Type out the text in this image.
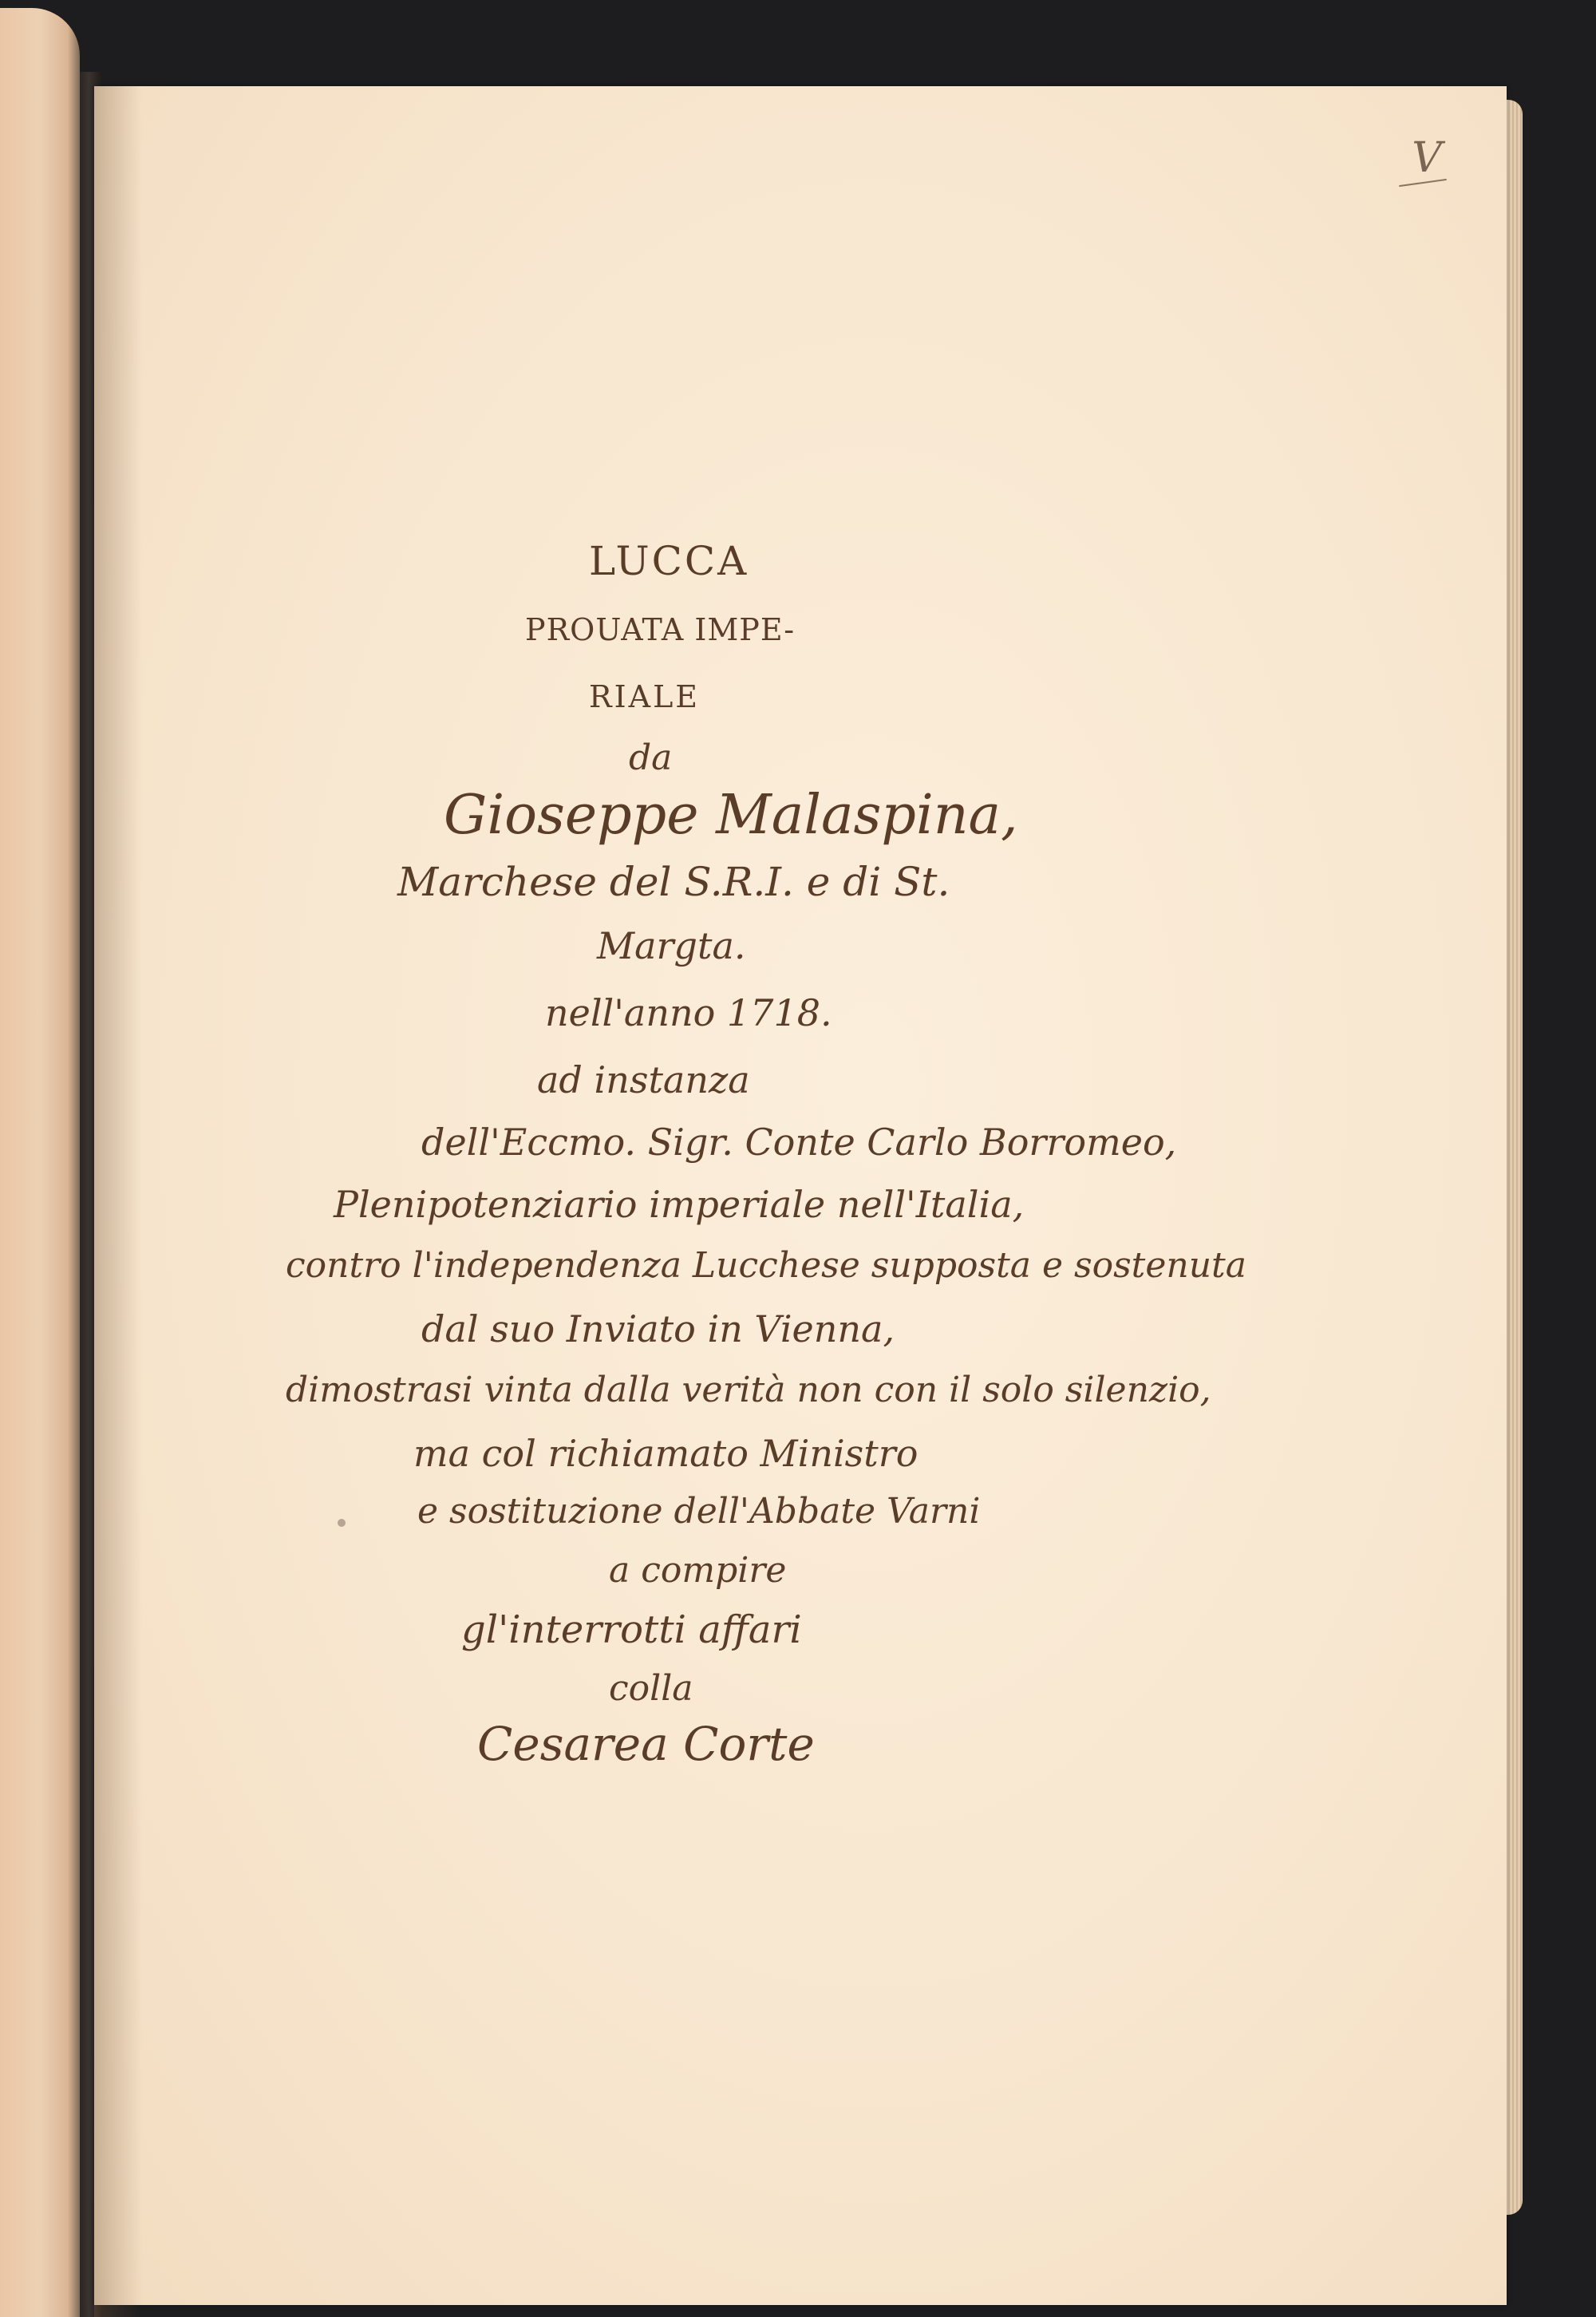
V
LUCCA
PROUATA IMPE-
RIALE
da
Gioseppe Malaspina,
Marchese del S.R.I. e di St.
Margta.
nell'anno 1718.
ad instanza
dell'Eccmo. Sigr. Conte Carlo Borromeo,
Plenipotenziario imperiale nell'Italia,
contro l'independenza Lucchese supposta e sostenuta
dal suo Inviato in Vienna,
dimostrasi vinta dalla verità non con il solo silenzio,
ma col richiamato Ministro
e sostituzione dell'Abbate Varni
a compire
gl'interrotti affari
colla
Cesarea Corte
